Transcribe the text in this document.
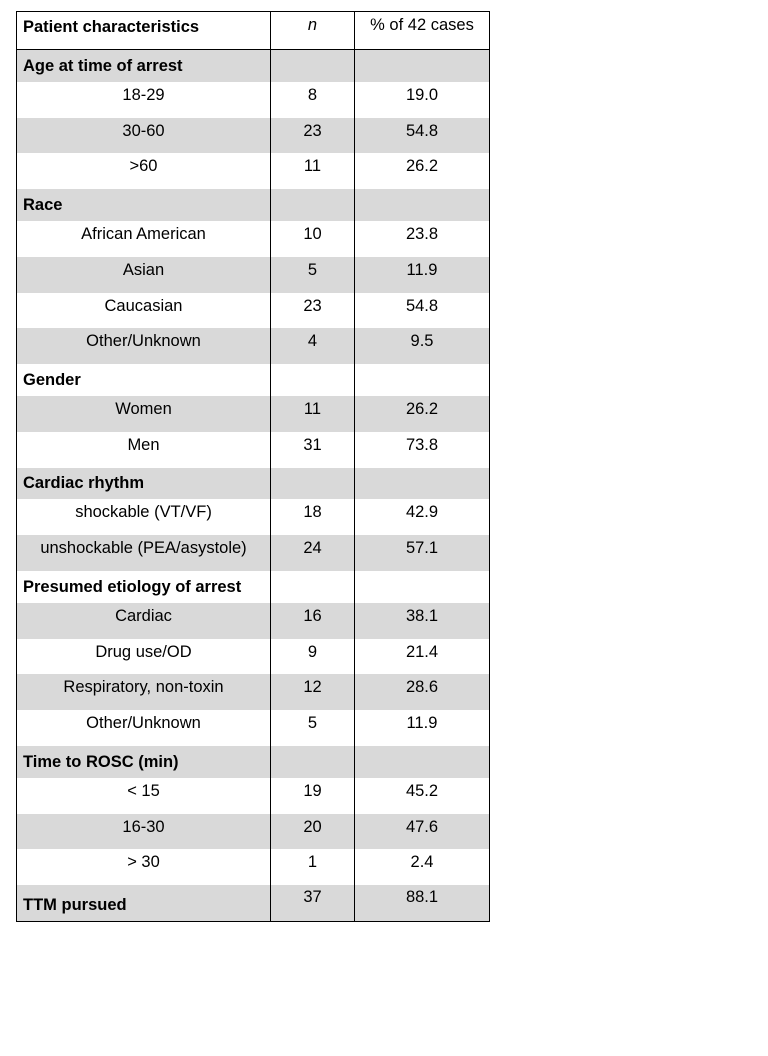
Patient characteristics	n	% of 42 cases
Age at time of arrest		
18-29	8	19.0
30-60	23	54.8
>60	11	26.2
Race		
African American	10	23.8
Asian	5	11.9
Caucasian	23	54.8
Other/Unknown	4	9.5
Gender		
Women	11	26.2
Men	31	73.8
Cardiac rhythm		
shockable (VT/VF)	18	42.9
unshockable (PEA/asystole)	24	57.1
Presumed etiology of arrest		
Cardiac	16	38.1
Drug use/OD	9	21.4
Respiratory, non-toxin	12	28.6
Other/Unknown	5	11.9
Time to ROSC (min)		
< 15	19	45.2
16-30	20	47.6
> 30	1	2.4
TTM pursued	37	88.1
